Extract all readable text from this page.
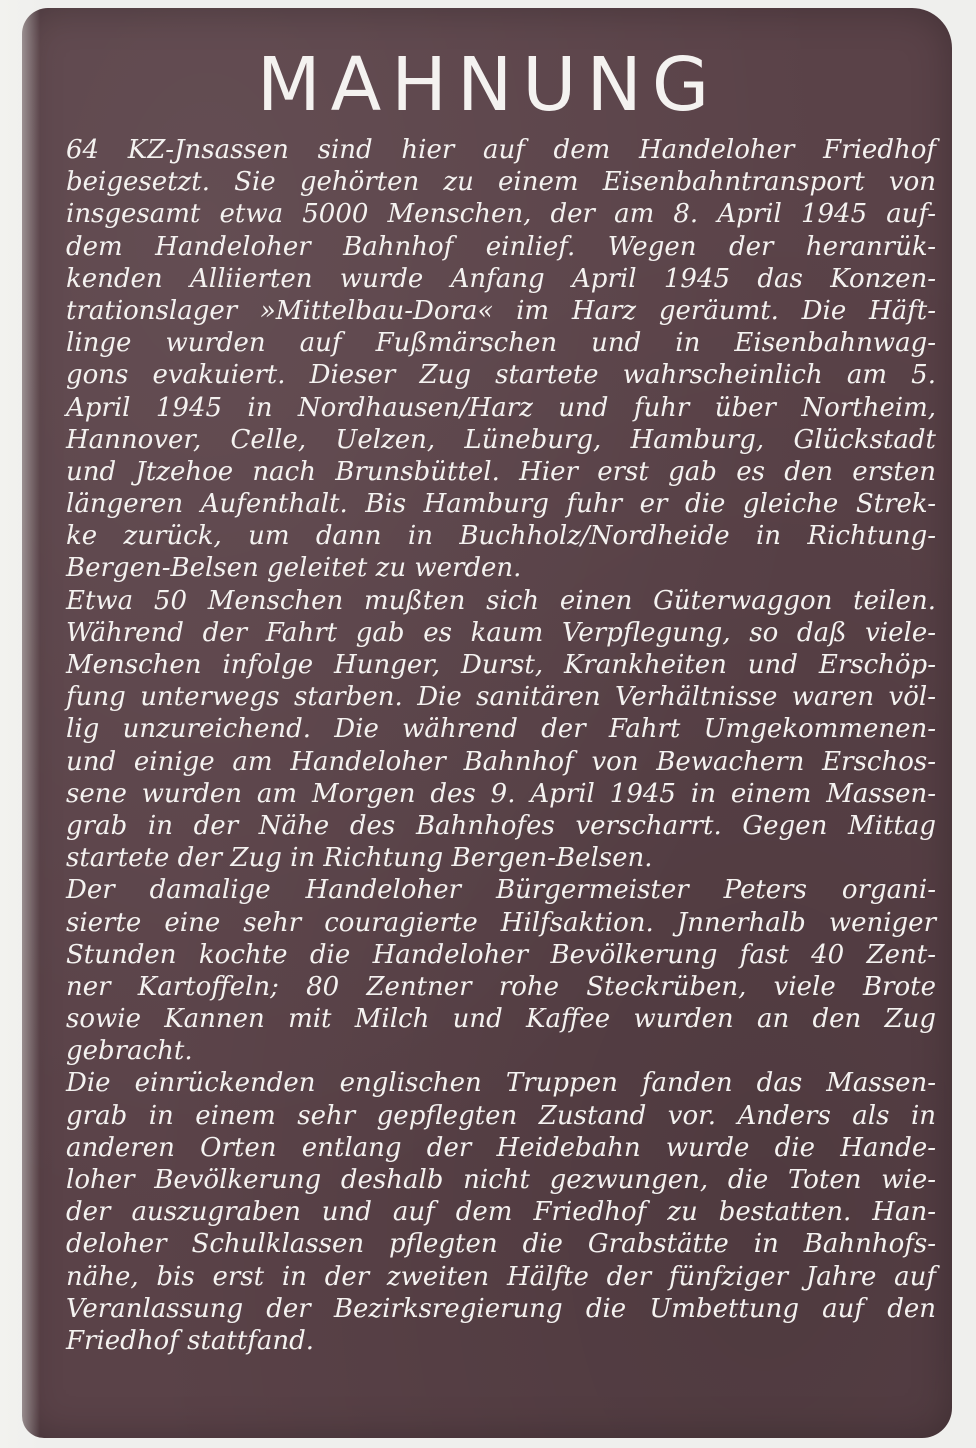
MAHNUNG
64 KZ-Jnsassen sind hier auf dem Handeloher Friedhof
beigesetzt. Sie gehörten zu einem Eisenbahntransport von
insgesamt etwa 5000 Menschen, der am 8. April 1945 auf-
dem Handeloher Bahnhof einlief. Wegen der heranrük-
kenden Alliierten wurde Anfang April 1945 das Konzen-
trationslager »Mittelbau-Dora« im Harz geräumt. Die Häft-
linge wurden auf Fußmärschen und in Eisenbahnwag-
gons evakuiert. Dieser Zug startete wahrscheinlich am 5.
April 1945 in Nordhausen/Harz und fuhr über Northeim,
Hannover, Celle, Uelzen, Lüneburg, Hamburg, Glückstadt
und Jtzehoe nach Brunsbüttel. Hier erst gab es den ersten
längeren Aufenthalt. Bis Hamburg fuhr er die gleiche Strek-
ke zurück, um dann in Buchholz/Nordheide in Richtung-
Bergen-Belsen geleitet zu werden.
Etwa 50 Menschen mußten sich einen Güterwaggon teilen.
Während der Fahrt gab es kaum Verpflegung, so daß viele-
Menschen infolge Hunger, Durst, Krankheiten und Erschöp-
fung unterwegs starben. Die sanitären Verhältnisse waren völ-
lig unzureichend. Die während der Fahrt Umgekommenen-
und einige am Handeloher Bahnhof von Bewachern Erschos-
sene wurden am Morgen des 9. April 1945 in einem Massen-
grab in der Nähe des Bahnhofes verscharrt. Gegen Mittag
startete der Zug in Richtung Bergen-Belsen.
Der damalige Handeloher Bürgermeister Peters organi-
sierte eine sehr couragierte Hilfsaktion. Jnnerhalb weniger
Stunden kochte die Handeloher Bevölkerung fast 40 Zent-
ner Kartoffeln; 80 Zentner rohe Steckrüben, viele Brote
sowie Kannen mit Milch und Kaffee wurden an den Zug
gebracht.
Die einrückenden englischen Truppen fanden das Massen-
grab in einem sehr gepflegten Zustand vor. Anders als in
anderen Orten entlang der Heidebahn wurde die Hande-
loher Bevölkerung deshalb nicht gezwungen, die Toten wie-
der auszugraben und auf dem Friedhof zu bestatten. Han-
deloher Schulklassen pflegten die Grabstätte in Bahnhofs-
nähe, bis erst in der zweiten Hälfte der fünfziger Jahre auf
Veranlassung der Bezirksregierung die Umbettung auf den
Friedhof stattfand.
